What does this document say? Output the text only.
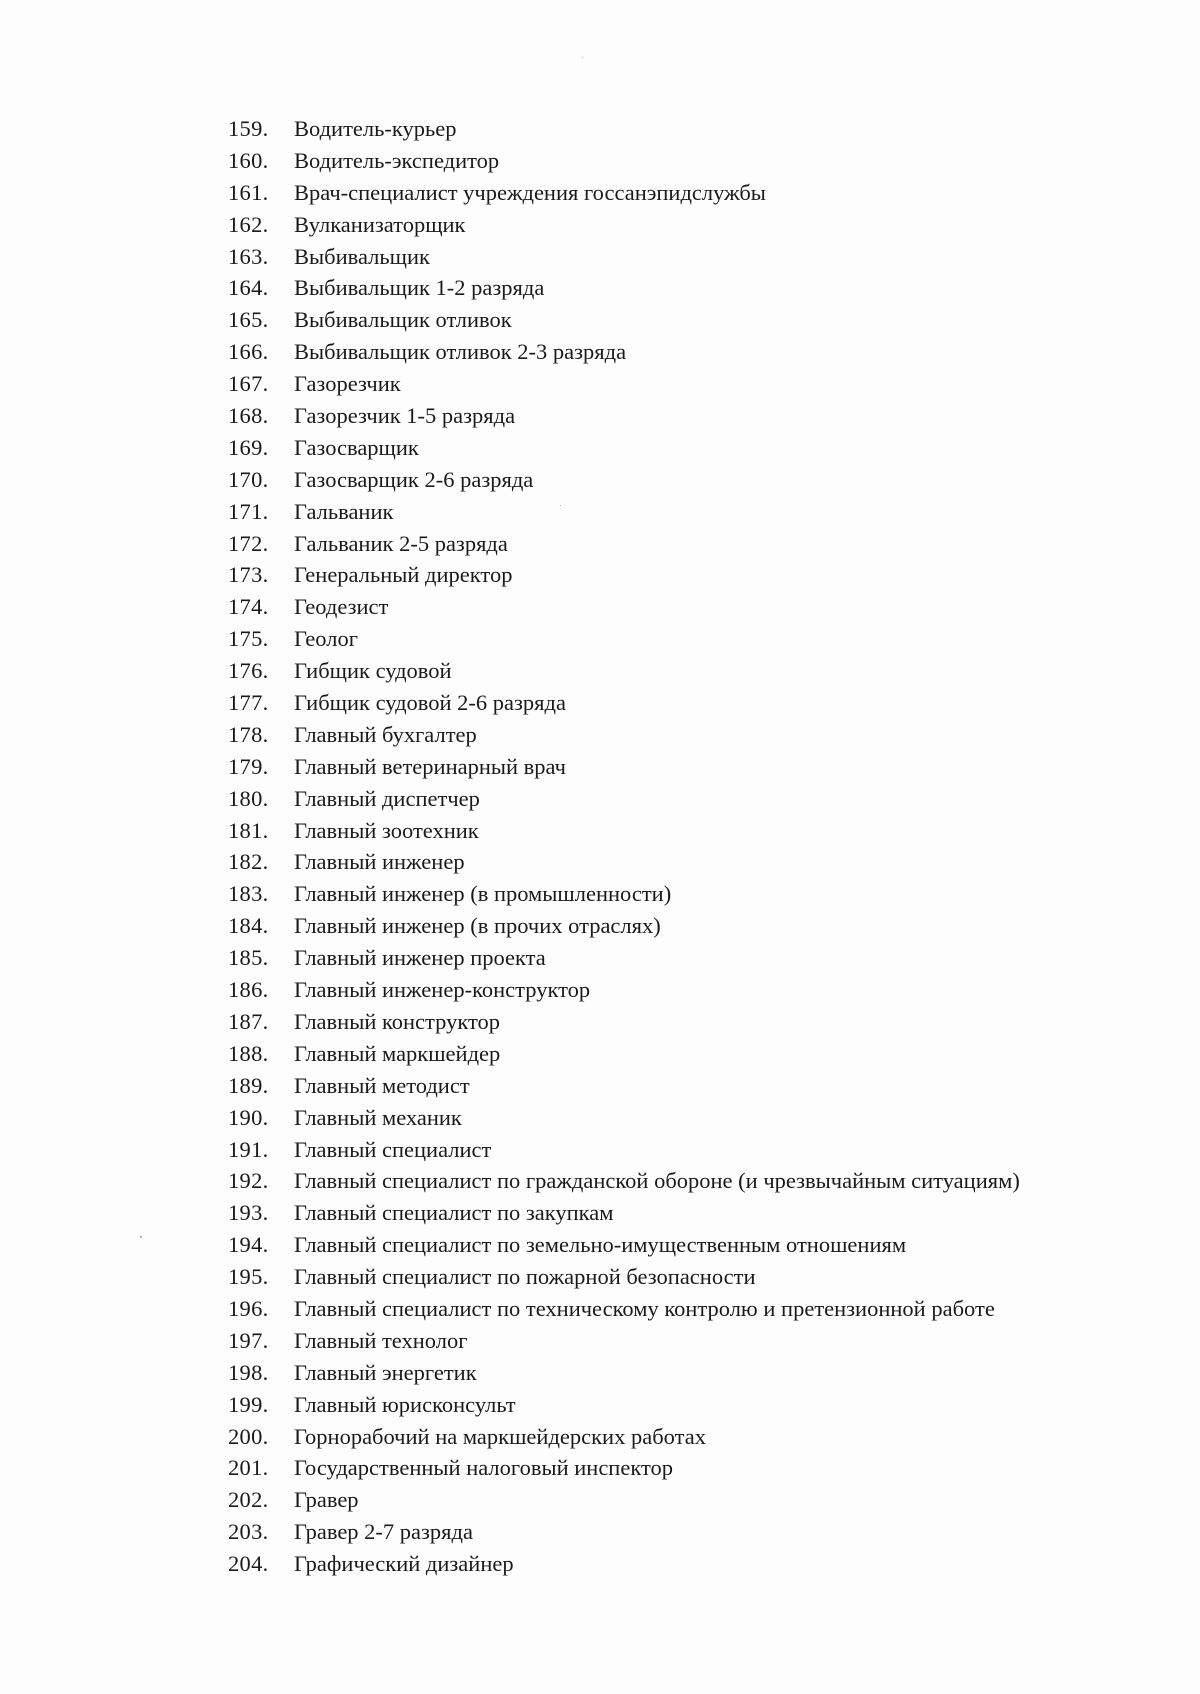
159.	Водитель-курьер
160.	Водитель-экспедитор
161.	Врач-специалист учреждения госсанэпидслужбы
162.	Вулканизаторщик
163.	Выбивальщик
164.	Выбивальщик 1-2 разряда
165.	Выбивальщик отливок
166.	Выбивальщик отливок 2-3 разряда
167.	Газорезчик
168.	Газорезчик 1-5 разряда
169.	Газосварщик
170.	Газосварщик 2-6 разряда
171.	Гальваник
172.	Гальваник 2-5 разряда
173.	Генеральный директор
174.	Геодезист
175.	Геолог
176.	Гибщик судовой
177.	Гибщик судовой 2-6 разряда
178.	Главный бухгалтер
179.	Главный ветеринарный врач
180.	Главный диспетчер
181.	Главный зоотехник
182.	Главный инженер
183.	Главный инженер (в промышленности)
184.	Главный инженер (в прочих отраслях)
185.	Главный инженер проекта
186.	Главный инженер-конструктор
187.	Главный конструктор
188.	Главный маркшейдер
189.	Главный методист
190.	Главный механик
191.	Главный специалист
192.	Главный специалист по гражданской обороне (и чрезвычайным ситуациям)
193.	Главный специалист по закупкам
194.	Главный специалист по земельно-имущественным отношениям
195.	Главный специалист по пожарной безопасности
196.	Главный специалист по техническому контролю и претензионной работе
197.	Главный технолог
198.	Главный энергетик
199.	Главный юрисконсульт
200.	Горнорабочий на маркшейдерских работах
201.	Государственный налоговый инспектор
202.	Гравер
203.	Гравер 2-7 разряда
204.	Графический дизайнер
